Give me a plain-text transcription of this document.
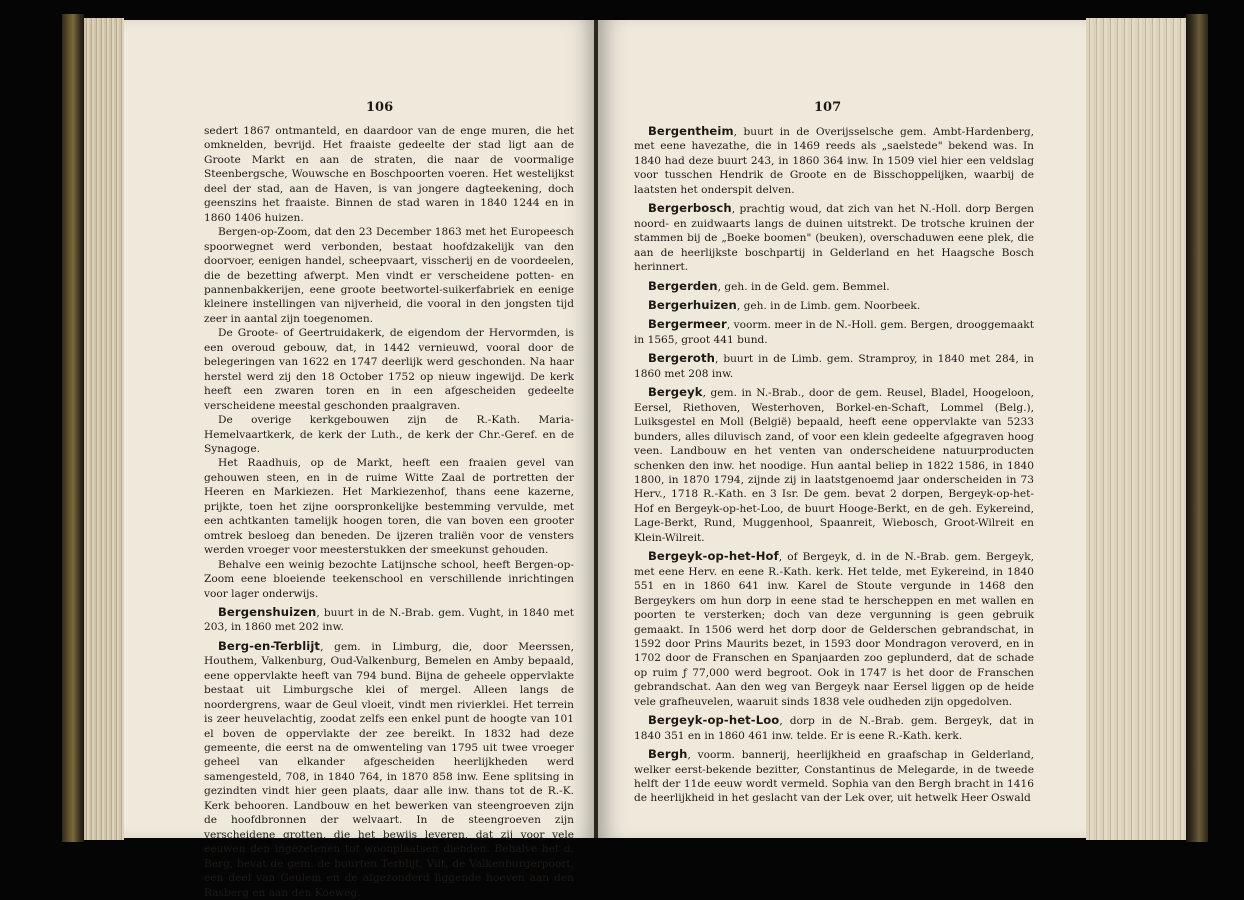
106

sedert 1867 ontmanteld, en daardoor van de enge muren, die het omknelden, bevrijd. Het fraaiste gedeelte der stad ligt aan de Groote Markt en aan de straten, die naar de voormalige Steenbergsche, Wouwsche en Boschpoorten voeren. Het westelijkst deel der stad, aan de Haven, is van jongere dagteekening, doch geenszins het fraaiste. Binnen de stad waren in 1840 1244 en in 1860 1406 huizen.

Bergen-op-Zoom, dat den 23 December 1863 met het Europeesch spoorwegnet werd verbonden, bestaat hoofdzakelijk van den doorvoer, eenigen handel, scheepvaart, visscherij en de voordeelen, die de bezetting afwerpt. Men vindt er verscheidene potten- en pannenbakkerijen, eene groote beetwortel-suikerfabriek en eenige kleinere instellingen van nijverheid, die vooral in den jongsten tijd zeer in aantal zijn toegenomen.

De Groote- of Geertruidakerk, de eigendom der Hervormden, is een overoud gebouw, dat, in 1442 vernieuwd, vooral door de belegeringen van 1622 en 1747 deerlijk werd geschonden. Na haar herstel werd zij den 18 October 1752 op nieuw ingewijd. De kerk heeft een zwaren toren en in een afgescheiden gedeelte verscheidene meestal geschonden praalgraven.

De overige kerkgebouwen zijn de R.-Kath. Maria-Hemelvaartkerk, de kerk der Luth., de kerk der Chr.-Geref. en de Synagoge.

Het Raadhuis, op de Markt, heeft een fraaien gevel van gehouwen steen, en in de ruime Witte Zaal de portretten der Heeren en Markiezen. Het Markiezenhof, thans eene kazerne, prijkte, toen het zijne oorspronkelijke bestemming vervulde, met een achtkanten tamelijk hoogen toren, die van boven een grooter omtrek besloeg dan beneden. De ijzeren traliën voor de vensters werden vroeger voor meesterstukken der smeekunst gehouden.

Behalve een weinig bezochte Latijnsche school, heeft Bergen-op-Zoom eene bloeiende teekenschool en verschillende inrichtingen voor lager onderwijs.

Bergenshuizen, buurt in de N.-Brab. gem. Vught, in 1840 met 203, in 1860 met 202 inw.

Berg-en-Terblijt, gem. in Limburg, die, door Meerssen, Houthem, Valkenburg, Oud-Valkenburg, Bemelen en Amby bepaald, eene oppervlakte heeft van 794 bund. Bijna de geheele oppervlakte bestaat uit Limburgsche klei of mergel. Alleen langs de noordergrens, waar de Geul vloeit, vindt men rivierklei. Het terrein is zeer heuvelachtig, zoodat zelfs een enkel punt de hoogte van 101 el boven de oppervlakte der zee bereikt. In 1832 had deze gemeente, die eerst na de omwenteling van 1795 uit twee vroeger geheel van elkander afgescheiden heerlijkheden werd samengesteld, 708, in 1840 764, in 1870 858 inw. Eene splitsing in gezindten vindt hier geen plaats, daar alle inw. thans tot de R.-K. Kerk behooren. Landbouw en het bewerken van steengroeven zijn de hoofdbronnen der welvaart. In de steengroeven zijn verscheidene grotten, die het bewijs leveren, dat zij voor vele eeuwen den ingezetenen tot woonplaatsen dienden. Behalve het d. Berg, bevat de gem. de buurten Terblijt, Vilt, de Valkenburgerpoort, een deel van Geulem en de afgezonderd liggende hoeven aan den Rasberg en aan den Koeweg.

107

Bergentheim, buurt in de Overijsselsche gem. Ambt-Hardenberg, met eene havezathe, die in 1469 reeds als „saelstede" bekend was. In 1840 had deze buurt 243, in 1860 364 inw. In 1509 viel hier een veldslag voor tusschen Hendrik de Groote en de Bisschoppelijken, waarbij de laatsten het onderspit delven.

Bergerbosch, prachtig woud, dat zich van het N.-Holl. dorp Bergen noord- en zuidwaarts langs de duinen uitstrekt. De trotsche kruinen der stammen bij de „Boeke boomen" (beuken), overschaduwen eene plek, die aan de heerlijkste boschpartij in Gelderland en het Haagsche Bosch herinnert.

Bergerden, geh. in de Geld. gem. Bemmel.

Bergerhuizen, geh. in de Limb. gem. Noorbeek.

Bergermeer, voorm. meer in de N.-Holl. gem. Bergen, drooggemaakt in 1565, groot 441 bund.

Bergeroth, buurt in de Limb. gem. Stramproy, in 1840 met 284, in 1860 met 208 inw.

Bergeyk, gem. in N.-Brab., door de gem. Reusel, Bladel, Hoogeloon, Eersel, Riethoven, Westerhoven, Borkel-en-Schaft, Lommel (Belg.), Luiksgestel en Moll (België) bepaald, heeft eene oppervlakte van 5233 bunders, alles diluvisch zand, of voor een klein gedeelte afgegraven hoog veen. Landbouw en het venten van onderscheidene natuurproducten schenken den inw. het noodige. Hun aantal beliep in 1822 1586, in 1840 1800, in 1870 1794, zijnde zij in laatstgenoemd jaar onderscheiden in 73 Herv., 1718 R.-Kath. en 3 Isr. De gem. bevat 2 dorpen, Bergeyk-op-het-Hof en Bergeyk-op-het-Loo, de buurt Hooge-Berkt, en de geh. Eykereind, Lage-Berkt, Rund, Muggenhool, Spaanreit, Wiebosch, Groot-Wilreit en Klein-Wilreit.

Bergeyk-op-het-Hof, of Bergeyk, d. in de N.-Brab. gem. Bergeyk, met eene Herv. en eene R.-Kath. kerk. Het telde, met Eykereind, in 1840 551 en in 1860 641 inw. Karel de Stoute vergunde in 1468 den Bergeykers om hun dorp in eene stad te herscheppen en met wallen en poorten te versterken; doch van deze vergunning is geen gebruik gemaakt. In 1506 werd het dorp door de Gelderschen gebrandschat, in 1592 door Prins Maurits bezet, in 1593 door Mondragon veroverd, en in 1702 door de Franschen en Spanjaarden zoo geplunderd, dat de schade op ruim ƒ 77,000 werd begroot. Ook in 1747 is het door de Franschen gebrandschat. Aan den weg van Bergeyk naar Eersel liggen op de heide vele grafheuvelen, waaruit sinds 1838 vele oudheden zijn opgedolven.

Bergeyk-op-het-Loo, dorp in de N.-Brab. gem. Bergeyk, dat in 1840 351 en in 1860 461 inw. telde. Er is eene R.-Kath. kerk.

Bergh, voorm. bannerij, heerlijkheid en graafschap in Gelderland, welker eerst-bekende bezitter, Constantinus de Melegarde, in de tweede helft der 11de eeuw wordt vermeld. Sophia van den Bergh bracht in 1416 de heerlijkheid in het geslacht van der Lek over, uit hetwelk Heer Oswald
